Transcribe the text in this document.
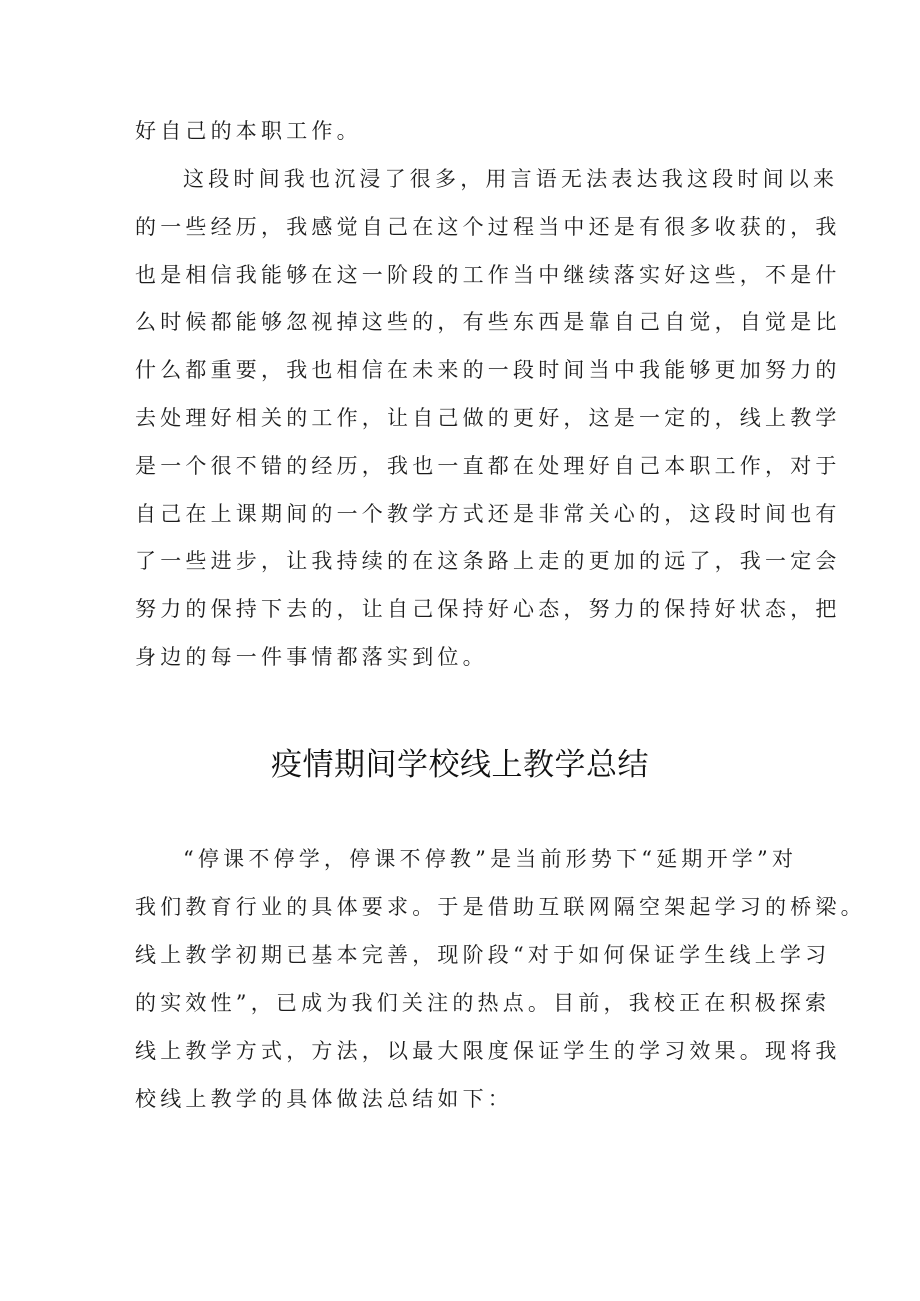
好自己的本职工作。
这段时间我也沉浸了很多，用言语无法表达我这段时间以来
的一些经历，我感觉自己在这个过程当中还是有很多收获的，我
也是相信我能够在这一阶段的工作当中继续落实好这些，不是什
么时候都能够忽视掉这些的，有些东西是靠自己自觉，自觉是比
什么都重要，我也相信在未来的一段时间当中我能够更加努力的
去处理好相关的工作，让自己做的更好，这是一定的，线上教学
是一个很不错的经历，我也一直都在处理好自己本职工作，对于
自己在上课期间的一个教学方式还是非常关心的，这段时间也有
了一些进步，让我持续的在这条路上走的更加的远了，我一定会
努力的保持下去的，让自己保持好心态，努力的保持好状态，把
身边的每一件事情都落实到位。
疫情期间学校线上教学总结
“停课不停学，停课不停教”是当前形势下“延期开学”对
我们教育行业的具体要求。于是借助互联网隔空架起学习的桥梁。
线上教学初期已基本完善，现阶段“对于如何保证学生线上学习
的实效性”，已成为我们关注的热点。目前，我校正在积极探索
线上教学方式，方法，以最大限度保证学生的学习效果。现将我
校线上教学的具体做法总结如下：
